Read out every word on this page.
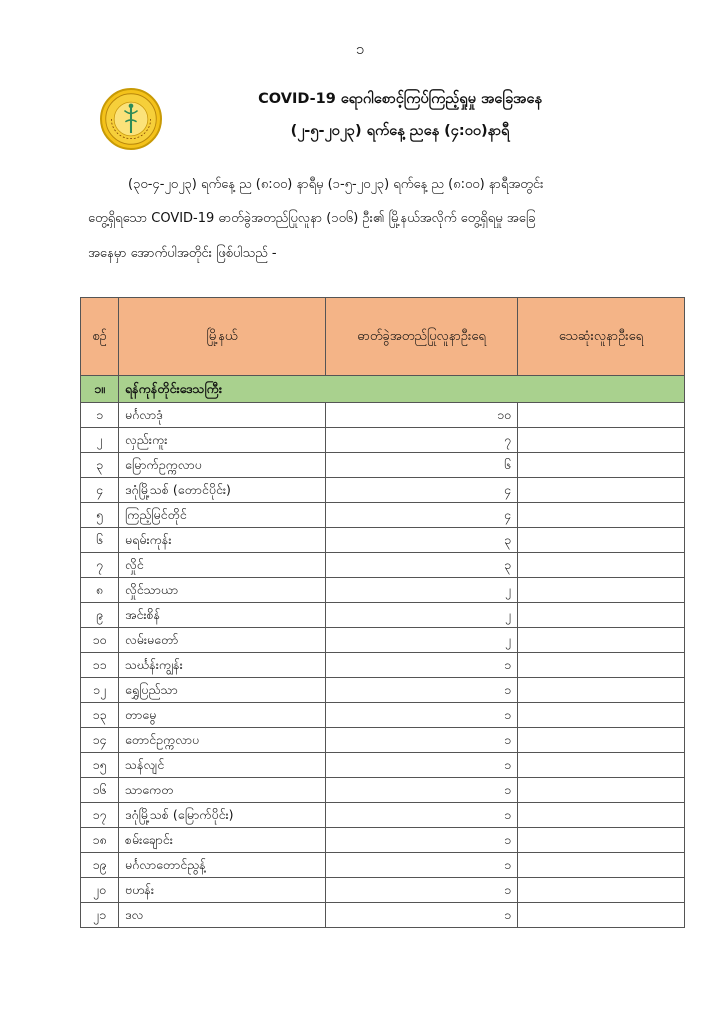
၁
COVID-19 ရောဂါစောင့်ကြပ်ကြည့်ရှုမှု အခြေအနေ
(၂-၅-၂၀၂၃) ရက်နေ့ ညနေ (၄:၀၀)နာရီ
(၃၀-၄-၂၀၂၃) ရက်နေ့ ည (၈:၀၀) နာရီမှ (၁-၅-၂၀၂၃) ရက်နေ့ ည (၈:၀၀) နာရီအတွင်း
တွေ့ရှိရသော COVID-19 ဓာတ်ခွဲအတည်ပြုလူနာ (၁၀၆) ဦး၏ မြို့နယ်အလိုက် တွေ့ရှိရမှု အခြေ
အနေမှာ အောက်ပါအတိုင်း ဖြစ်ပါသည် -
စဉ်	မြို့နယ်	ဓာတ်ခွဲအတည်ပြုလူနာဦးရေ	သေဆုံးလူနာဦးရေ
၁။	ရန်ကုန်တိုင်းဒေသကြီး		
၁	မင်္ဂလာဒုံ	၁၀	
၂	လှည်းကူး	၇	
၃	မြောက်ဥက္ကလာပ	၆	
၄	ဒဂုံမြို့သစ် (တောင်ပိုင်း)	၄	
၅	ကြည့်မြင်တိုင်	၄	
၆	မရမ်းကုန်း	၃	
၇	လှိုင်	၃	
၈	လှိုင်သာယာ	၂	
၉	အင်းစိန်	၂	
၁၀	လမ်းမတော်	၂	
၁၁	သင်္ဃန်းကျွန်း	၁	
၁၂	ရွှေပြည်သာ	၁	
၁၃	တာမွေ	၁	
၁၄	တောင်ဥက္ကလာပ	၁	
၁၅	သန်လျင်	၁	
၁၆	သာကေတ	၁	
၁၇	ဒဂုံမြို့သစ် (မြောက်ပိုင်း)	၁	
၁၈	စမ်းချောင်း	၁	
၁၉	မင်္ဂလာတောင်ညွန့်	၁	
၂၀	ဗဟန်း	၁	
၂၁	ဒလ	၁	
